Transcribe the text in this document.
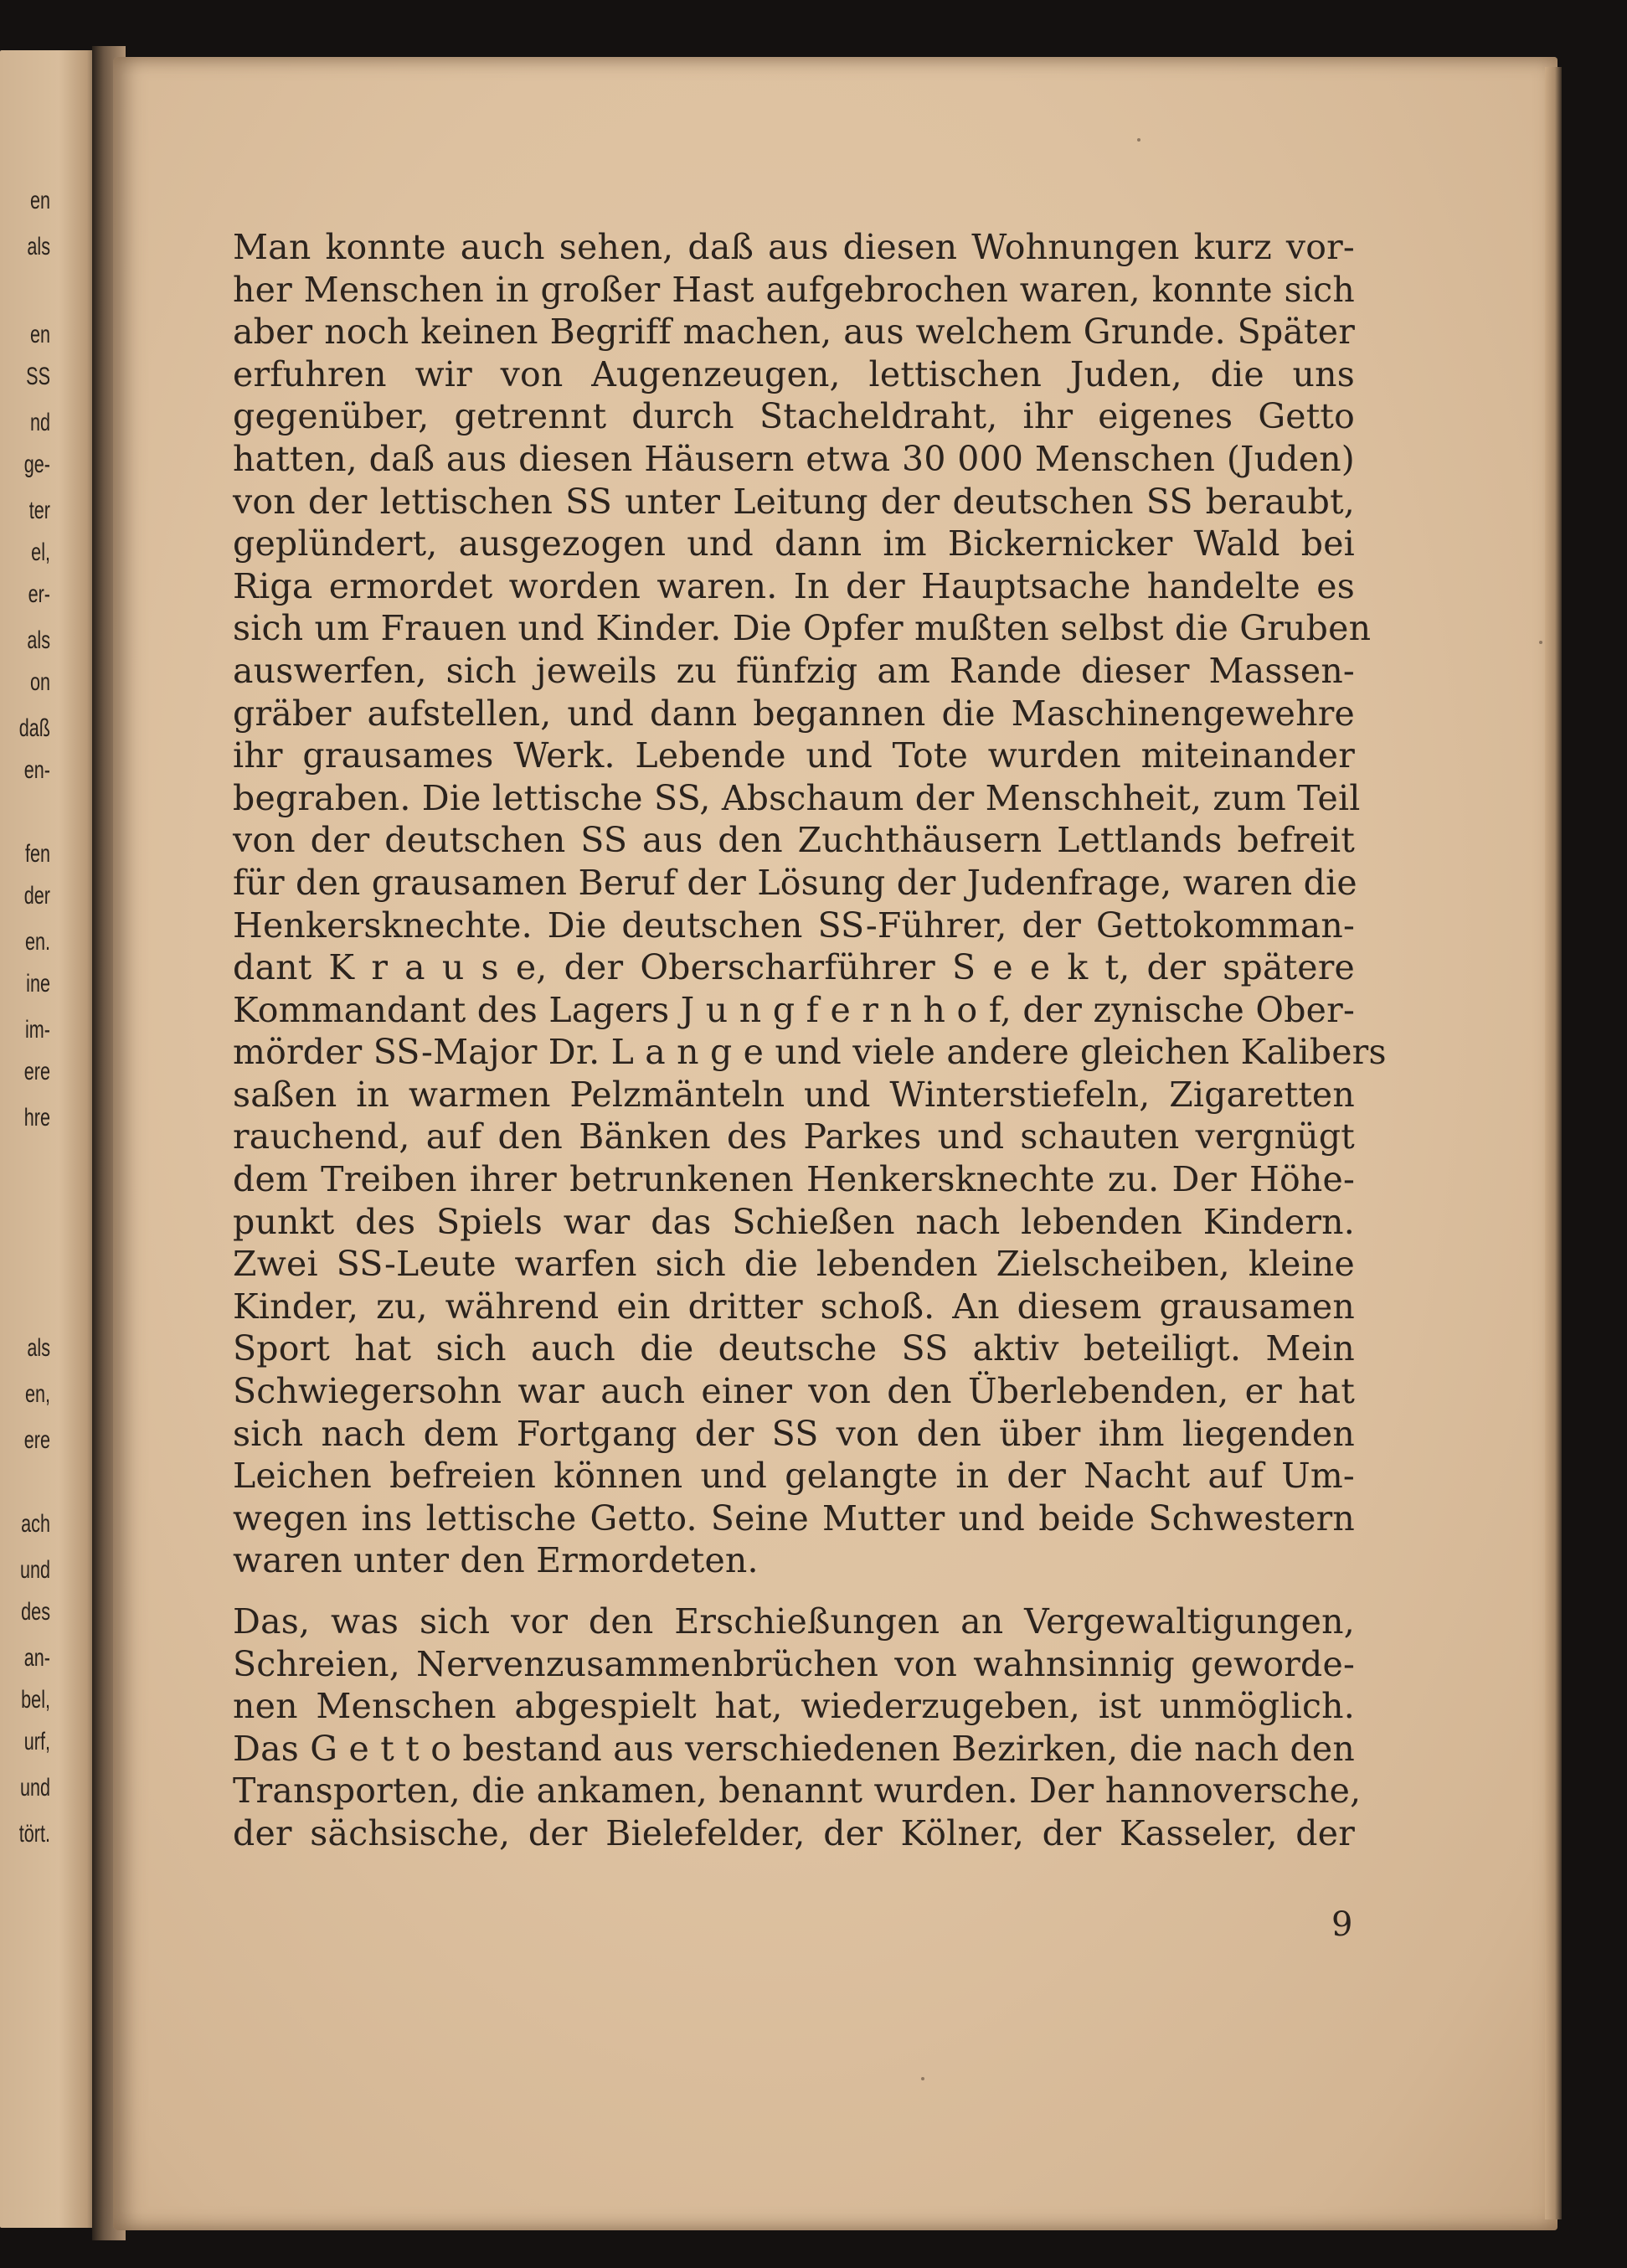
en
als
en
SS
nd
ge-
ter
el,
er-
als
on
daß
en-
fen
der
en.
ine
im-
ere
hre
als
en,
ere
ach
und
des
an-
bel,
urf,
und
tört.
Man konnte auch sehen, daß aus diesen Wohnungen kurz vor-
her Menschen in großer Hast aufgebrochen waren, konnte sich
aber noch keinen Begriff machen, aus welchem Grunde. Später
erfuhren wir von Augenzeugen, lettischen Juden, die uns
gegenüber, getrennt durch Stacheldraht, ihr eigenes Getto
hatten, daß aus diesen Häusern etwa 30 000 Menschen (Juden)
von der lettischen SS unter Leitung der deutschen SS beraubt,
geplündert, ausgezogen und dann im Bickernicker Wald bei
Riga ermordet worden waren. In der Hauptsache handelte es
sich um Frauen und Kinder. Die Opfer mußten selbst die Gruben
auswerfen, sich jeweils zu fünfzig am Rande dieser Massen-
gräber aufstellen, und dann begannen die Maschinengewehre
ihr grausames Werk. Lebende und Tote wurden miteinander
begraben. Die lettische SS, Abschaum der Menschheit, zum Teil
von der deutschen SS aus den Zuchthäusern Lettlands befreit
für den grausamen Beruf der Lösung der Judenfrage, waren die
Henkersknechte. Die deutschen SS-Führer, der Gettokomman-
dant K r a u s e, der Oberscharführer S e e k t, der spätere
Kommandant des Lagers J u n g f e r n h o f, der zynische Ober-
mörder SS-Major Dr. L a n g e und viele andere gleichen Kalibers
saßen in warmen Pelzmänteln und Winterstiefeln, Zigaretten
rauchend, auf den Bänken des Parkes und schauten vergnügt
dem Treiben ihrer betrunkenen Henkersknechte zu. Der Höhe-
punkt des Spiels war das Schießen nach lebenden Kindern.
Zwei SS-Leute warfen sich die lebenden Zielscheiben, kleine
Kinder, zu, während ein dritter schoß. An diesem grausamen
Sport hat sich auch die deutsche SS aktiv beteiligt. Mein
Schwiegersohn war auch einer von den Überlebenden, er hat
sich nach dem Fortgang der SS von den über ihm liegenden
Leichen befreien können und gelangte in der Nacht auf Um-
wegen ins lettische Getto. Seine Mutter und beide Schwestern
waren unter den Ermordeten.
Das, was sich vor den Erschießungen an Vergewaltigungen,
Schreien, Nervenzusammenbrüchen von wahnsinnig geworde-
nen Menschen abgespielt hat, wiederzugeben, ist unmöglich.
Das G e t t o bestand aus verschiedenen Bezirken, die nach den
Transporten, die ankamen, benannt wurden. Der hannoversche,
der sächsische, der Bielefelder, der Kölner, der Kasseler, der
9
